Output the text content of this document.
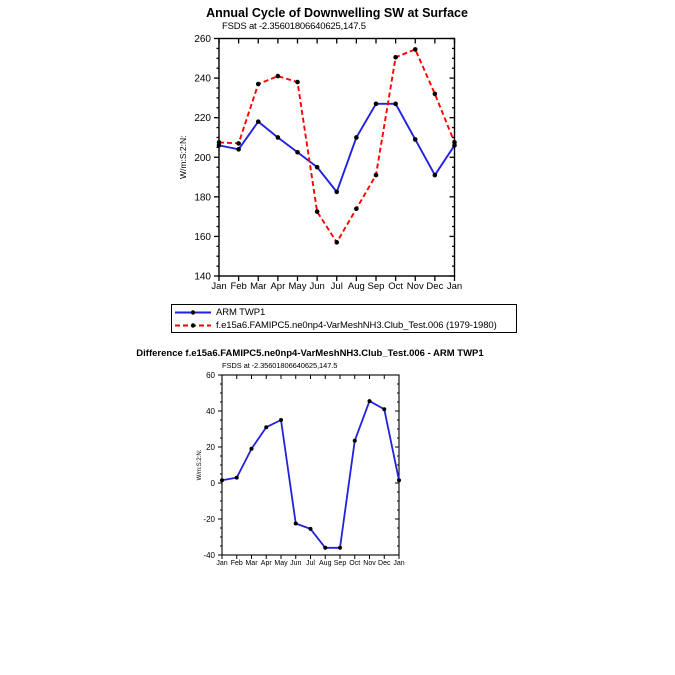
140
160
180
200
220
240
260
Jan Feb Mar Apr May Jun Jul Aug Sep Oct Nov Dec Jan
W/m:S:2:N:
-40
-20
0
20
40
60
Jan Feb Mar Apr May Jun Jul Aug Sep Oct Nov Dec Jan
W/m:S:2:N:
Annual Cycle of Downwelling SW at Surface
FSDS at -2.35601806640625,147.5
ARM TWP1
f.e15a6.FAMIPC5.ne0np4-VarMeshNH3.Club_Test.006 (1979-1980)
Difference f.e15a6.FAMIPC5.ne0np4-VarMeshNH3.Club_Test.006 - ARM TWP1
FSDS at -2.35601806640625,147.5
